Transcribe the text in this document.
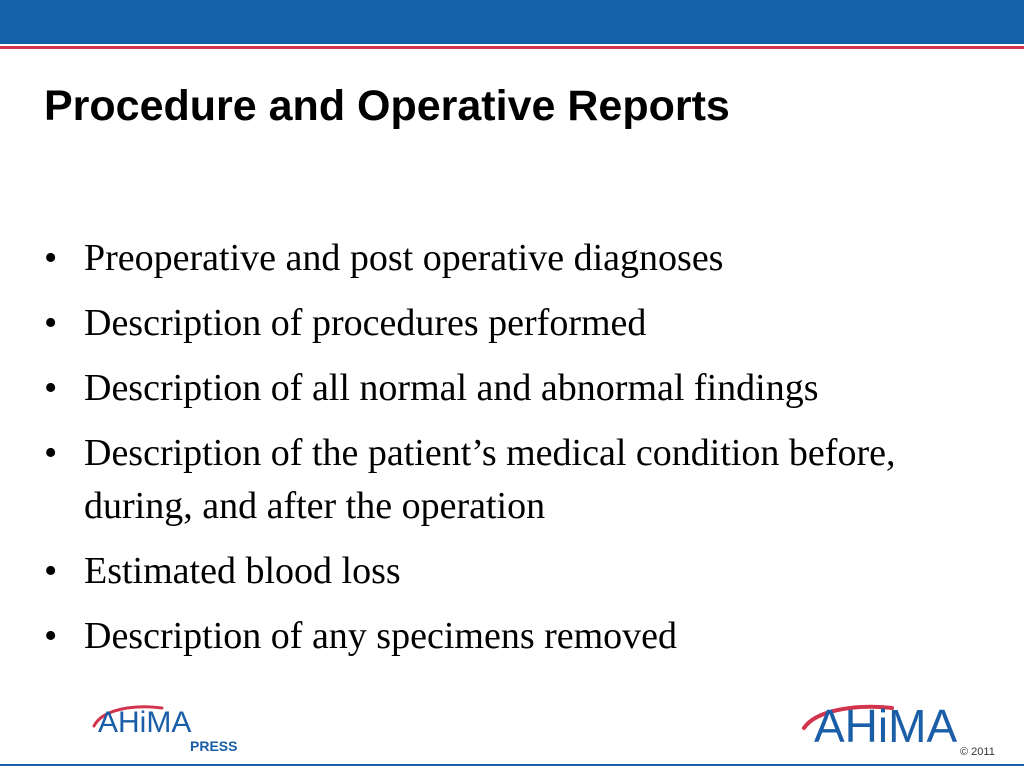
Procedure and Operative Reports
• Preoperative and post operative diagnoses
• Description of procedures performed
• Description of all normal and abnormal findings
• Description of the patient’s medical condition before, during, and after the operation
• Estimated blood loss
• Description of any specimens removed
AHiMA
PRESS	AHiMA © 2011
